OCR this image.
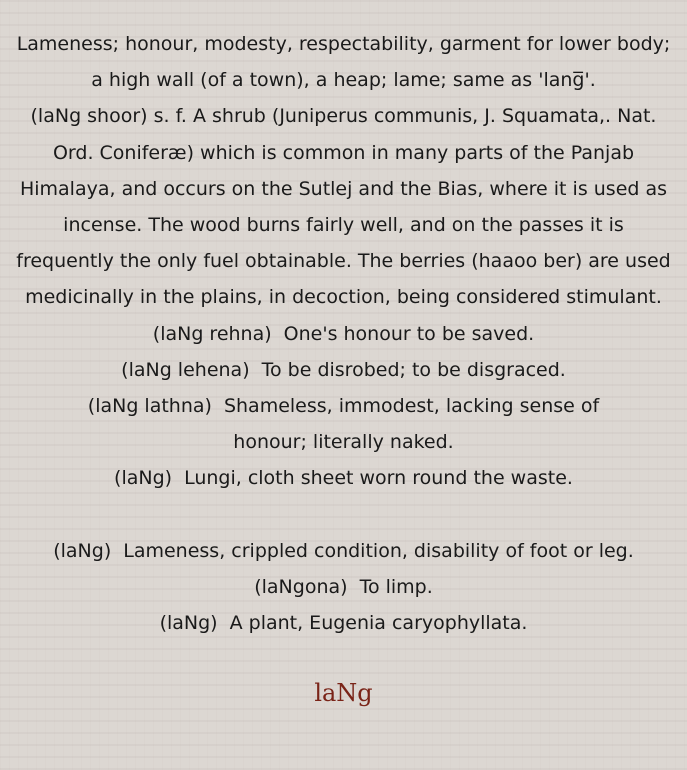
Lameness; honour, modesty, respectability, garment for lower body; a high wall (of a town), a heap; lame; same as 'lang̅'.

(laNg shoor) s. f. A shrub (Juniperus communis, J. Squamata,. Nat. Ord. Coniferæ) which is common in many parts of the Panjab Himalaya, and occurs on the Sutlej and the Bias, where it is used as incense. The wood burns fairly well, and on the passes it is frequently the only fuel obtainable. The berries (haaoo ber) are used medicinally in the plains, in decoction, being considered stimulant.

(laNg rehna) One's honour to be saved.

(laNg lehena) To be disrobed; to be disgraced.

(laNg lathna) Shameless, immodest, lacking sense of honour; literally naked.

(laNg) Lungi, cloth sheet worn round the waste.

(laNg) Lameness, crippled condition, disability of foot or leg.

(laNgona) To limp.

(laNg) A plant, Eugenia caryophyllata.

laNg
